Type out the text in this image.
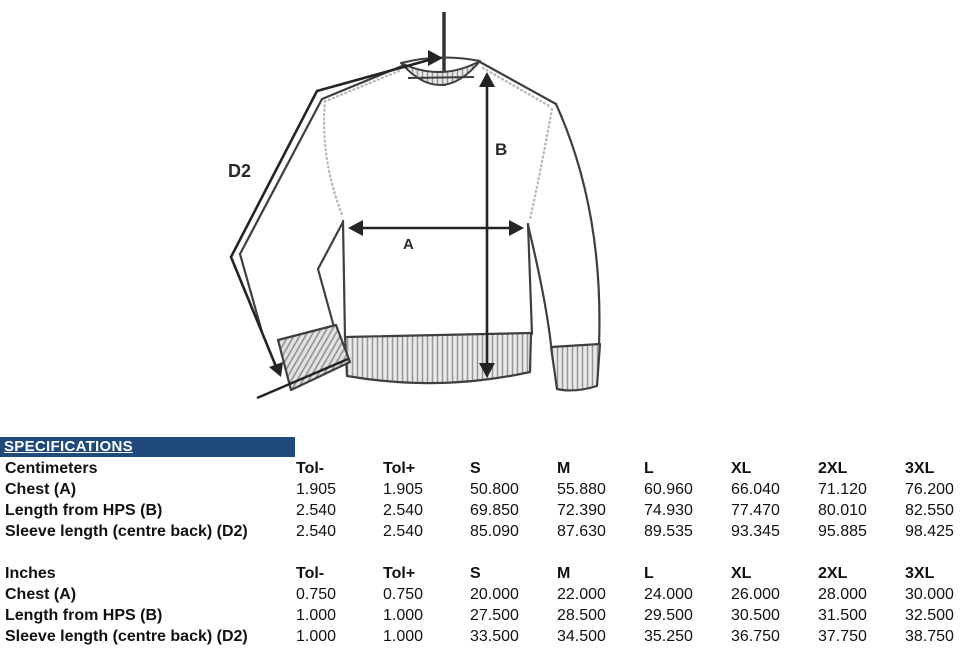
D2
B
A
SPECIFICATIONS
Centimeters	Tol-	Tol+	S	M	L	XL	2XL	3XL
Chest (A)	1.905	1.905	50.800	55.880	60.960	66.040	71.120	76.200
Length from HPS (B)	2.540	2.540	69.850	72.390	74.930	77.470	80.010	82.550
Sleeve length (centre back) (D2)	2.540	2.540	85.090	87.630	89.535	93.345	95.885	98.425
Inches	Tol-	Tol+	S	M	L	XL	2XL	3XL
Chest (A)	0.750	0.750	20.000	22.000	24.000	26.000	28.000	30.000
Length from HPS (B)	1.000	1.000	27.500	28.500	29.500	30.500	31.500	32.500
Sleeve length (centre back) (D2)	1.000	1.000	33.500	34.500	35.250	36.750	37.750	38.750
